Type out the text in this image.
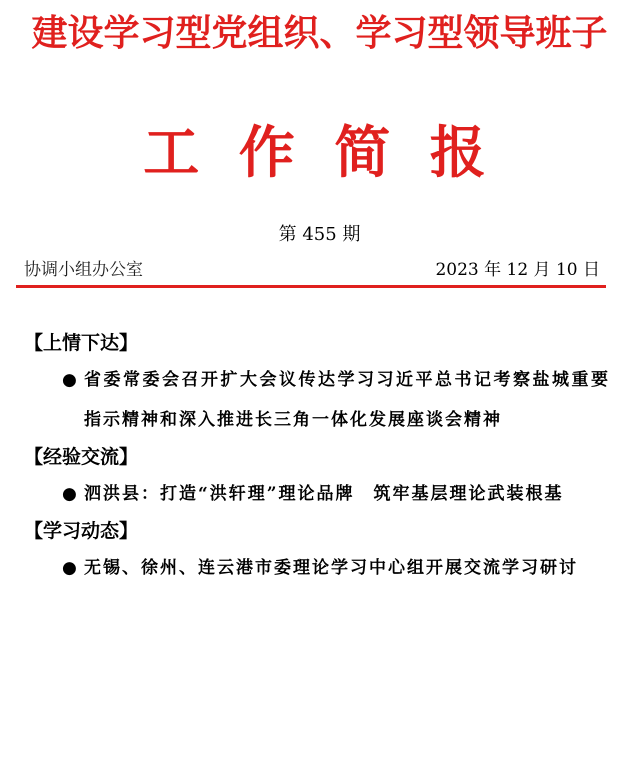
建设学习型党组织、学习型领导班子
工 作 简 报
第 455 期
协调小组办公室	2023 年 12 月 10 日
【上情下达】
● 省委常委会召开扩大会议传达学习习近平总书记考察盐城重要指示精神和深入推进长三角一体化发展座谈会精神
【经验交流】
● 泗洪县：打造“洪轩理”理论品牌　筑牢基层理论武装根基
【学习动态】
● 无锡、徐州、连云港市委理论学习中心组开展交流学习研讨
